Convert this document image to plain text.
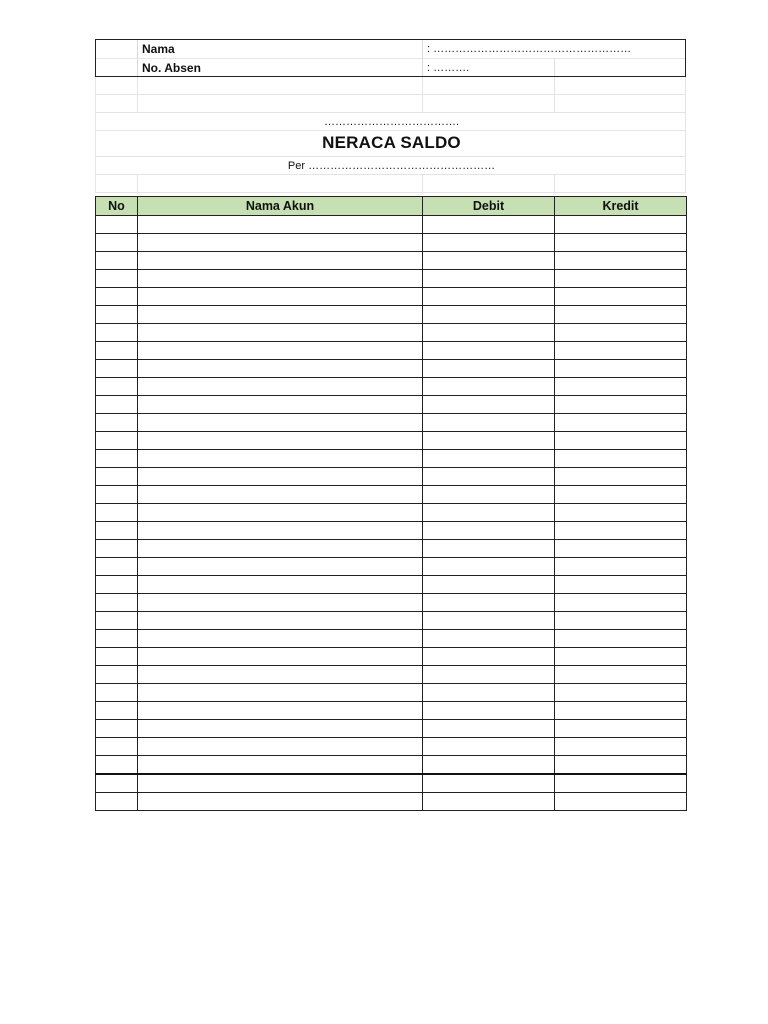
Nama	: ………………………………………………
No. Absen	: ……….
……………………………….
NERACA SALDO
Per ……………………………………………
No	Nama Akun	Debit	Kredit
